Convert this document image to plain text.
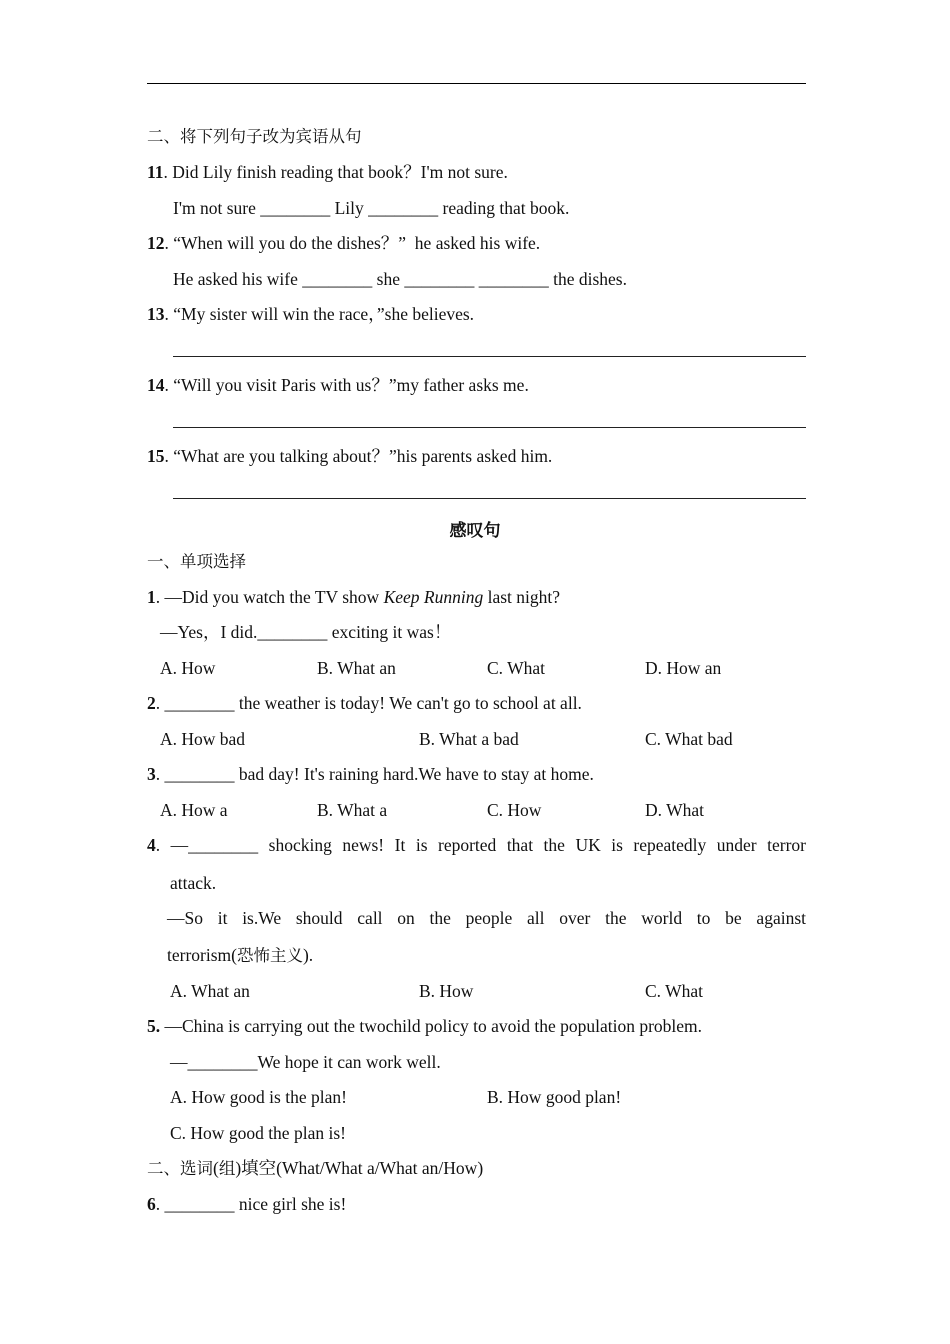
二、将下列句子改为宾语从句
11. Did Lily finish reading that book？I'm not sure.
I'm not sure ________ Lily ________ reading that book.
12. “When will you do the dishes？”  he asked his wife.
He asked his wife ________ she ________ ________ the dishes.
13. “My sister will win the race，”she believes.
14. “Will you visit Paris with us？”my father asks me.
15. “What are you talking about？”his parents asked him.
感叹句
一、单项选择
1. —Did you watch the TV show Keep Running last night?
—Yes，I did.________ exciting it was！
A. How	B. What an	C. What	D. How an
2. ________ the weather is today! We can't go to school at all.
A. How bad	B. What a bad	C. What bad
3. ________ bad day! It's raining hard.We have to stay at home.
A. How a	B. What a	C. How	D. What
4. —________ shocking news! It is reported that the UK is repeatedly under terror
attack.
—So it is.We should call on the people all over the world to be against
terrorism(恐怖主义).
A. What an	B. How	C. What
5. —China is carrying out the twochild policy to avoid the population problem.
—________We hope it can work well.
A. How good is the plan!	B. How good plan!
C. How good the plan is!
二、选词(组)填空(What/What a/What an/How)
6. ________ nice girl she is!
